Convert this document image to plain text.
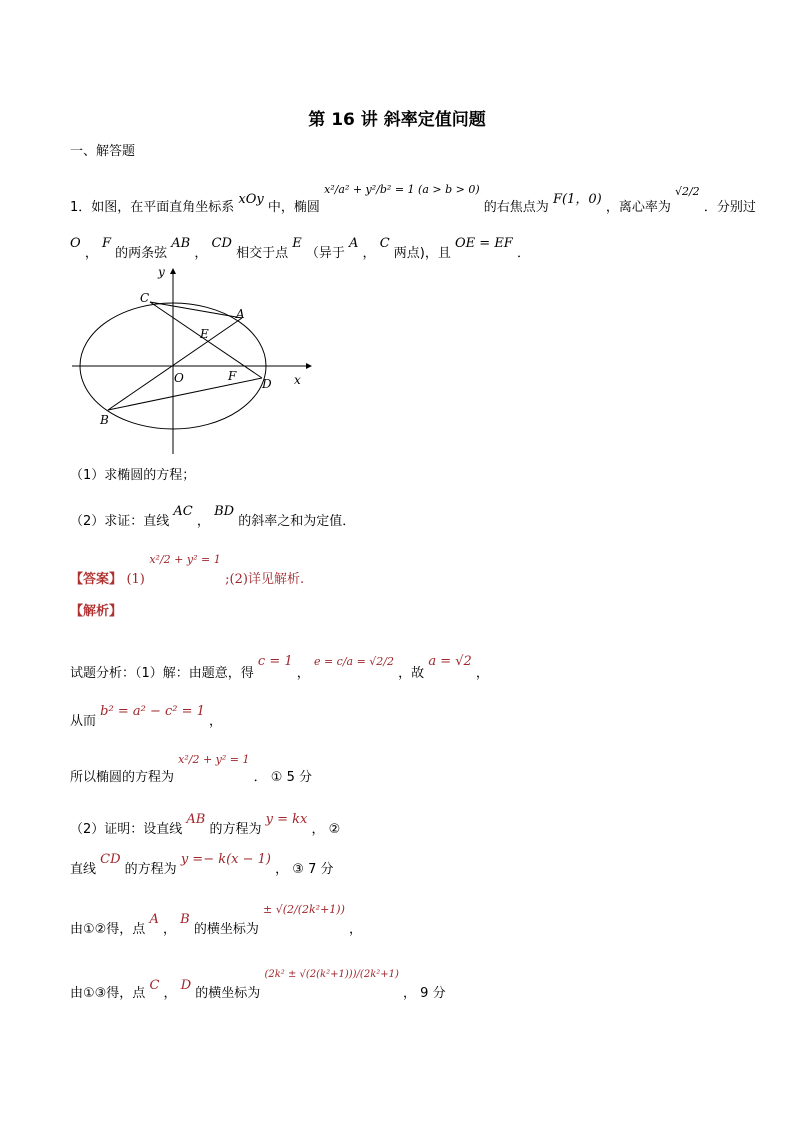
第 16 讲 斜率定值问题
一、解答题
1．如图，在平面直角坐标系 xOy 中，椭圆 x²/a² + y²/b² = 1 (a > b > 0) 的右焦点为 F(1，0) ，离心率为 √2/2 ．分别过
O ， F 的两条弦 AB ， CD 相交于点 E （异于 A ， C 两点)，且 OE = EF ．
y
x
C
A
E
O	F
D
B
（1）求椭圆的方程；
（2）求证：直线 AC ， BD 的斜率之和为定值．
【答案】 (1) x²/2 + y² = 1 ;(2)详见解析.
【解析】
试题分析：（1）解：由题意，得 c = 1 ， e = c/a = √2/2 ，故 a = √2 ，
从而 b² = a² − c² = 1 ，
所以椭圆的方程为 x²/2 + y² = 1 ． ① 5 分
（2）证明：设直线 AB 的方程为 y = kx ， ②
直线 CD 的方程为 y =− k(x − 1) ， ③ 7 分
由①②得，点 A ， B 的横坐标为 ± √(2/(2k²+1)) ，
由①③得，点 C ， D 的横坐标为 (2k² ± √(2(k²+1)))/(2k²+1) ， 9 分
